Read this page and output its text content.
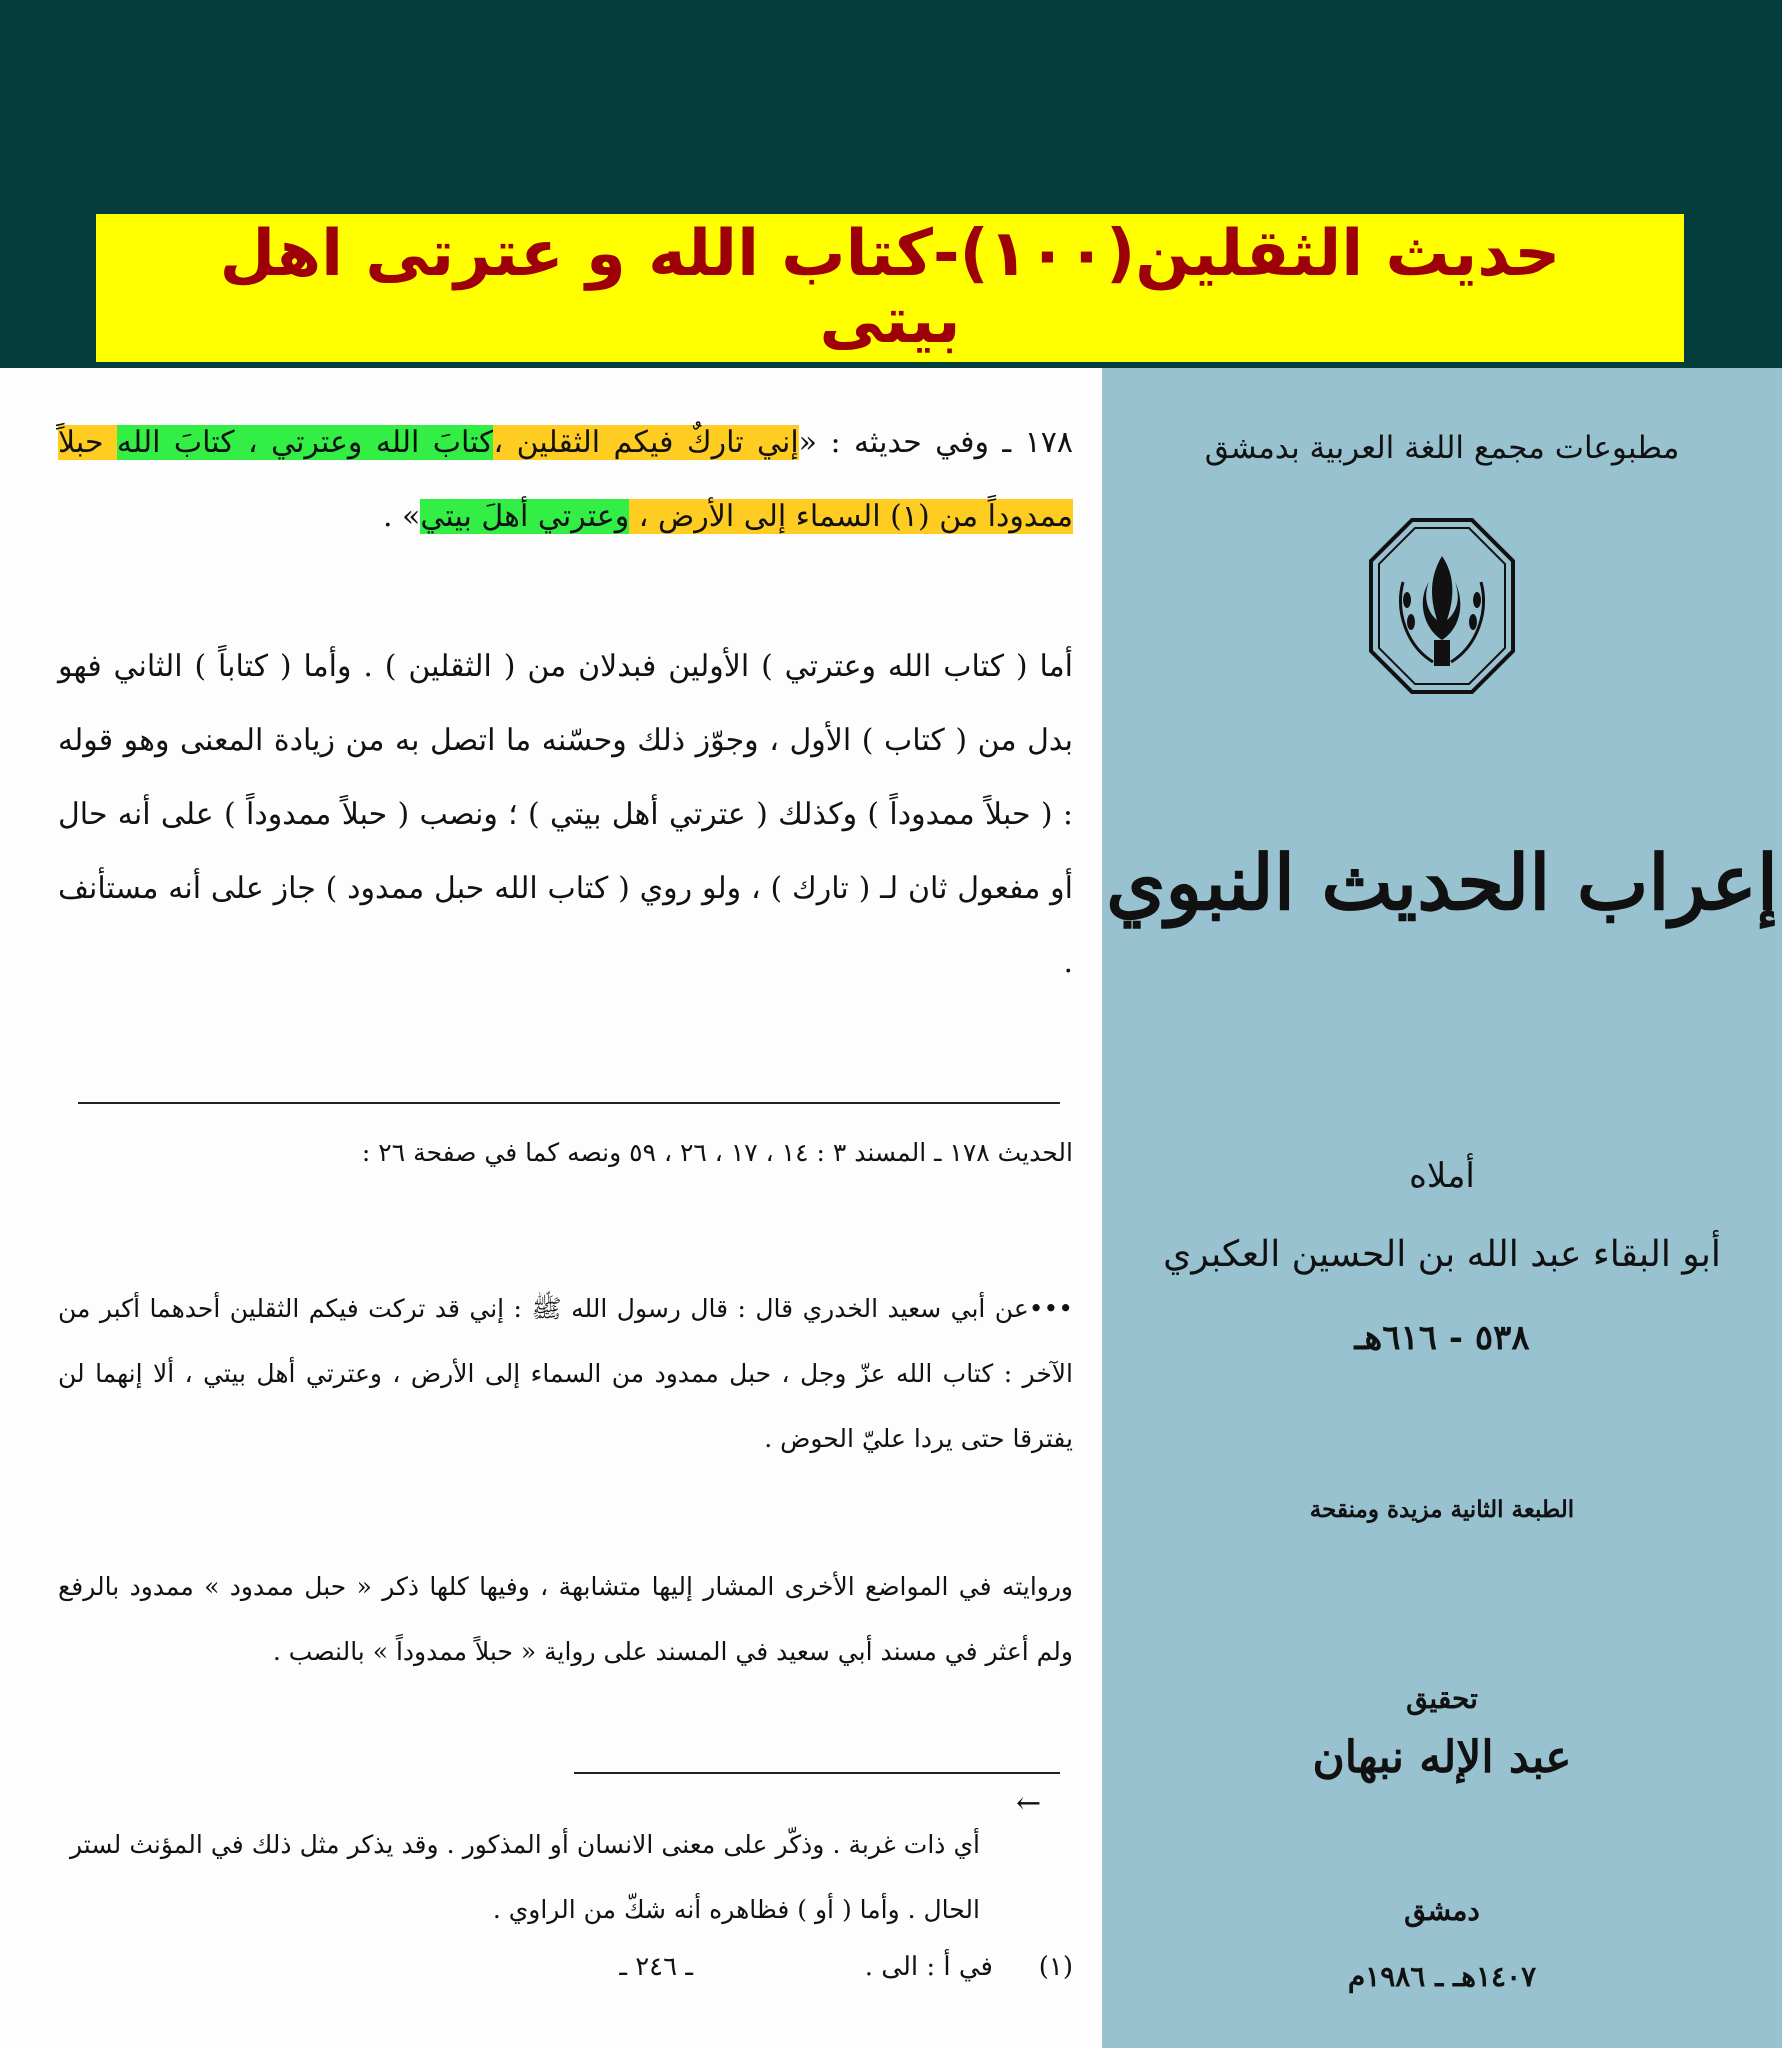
حديث الثقلين(١٠٠)-كتاب الله و عترتى اهل بيتى
١٧٨ ـ وفي حديثه : «إني تاركٌ فيكم الثقلين ،كتابَ الله وعترتي ، كتابَ الله حبلاً ممدوداً من (١) السماء إلى الأرض ، وعترتي أهلَ بيتي» .
أما ( كتاب الله وعترتي ) الأولين فبدلان من ( الثقلين ) . وأما ( كتاباً ) الثاني فهو بدل من ( كتاب ) الأول ، وجوّز ذلك وحسّنه ما اتصل به من زيادة المعنى وهو قوله : ( حبلاً ممدوداً ) وكذلك ( عترتي أهل بيتي ) ؛ ونصب ( حبلاً ممدوداً ) على أنه حال أو مفعول ثان لـ ( تارك ) ، ولو روي ( كتاب الله حبل ممدود ) جاز على أنه مستأنف .
الحديث ١٧٨ ـ المسند ٣ : ١٤ ، ١٧ ، ٢٦ ، ٥٩ ونصه كما في صفحة ٢٦ :
•••عن أبي سعيد الخدري قال : قال رسول الله ﷺ : إني قد تركت فيكم الثقلين أحدهما أكبر من الآخر : كتاب الله عزّ وجل ، حبل ممدود من السماء إلى الأرض ، وعترتي أهل بيتي ، ألا إنهما لن يفترقا حتى يردا عليّ الحوض .
وروايته في المواضع الأخرى المشار إليها متشابهة ، وفيها كلها ذكر « حبل ممدود » ممدود بالرفع ولم أعثر في مسند أبي سعيد في المسند على رواية « حبلاً ممدوداً » بالنصب .
←
أي ذات غربة . وذكّر على معنى الانسان أو المذكور . وقد يذكر مثل ذلك في المؤنث لستر الحال . وأما ( أو ) فظاهره أنه شكّ من الراوي .
(١)
في أ : الى .
ـ ٢٤٦ ـ
مطبوعات مجمع اللغة العربية بدمشق
إعراب الحديث النبوي
أملاه
أبو البقاء عبد الله بن الحسين العكبري
٥٣٨ - ٦١٦هـ
الطبعة الثانية مزيدة ومنقحة
تحقيق
عبد الإله نبهان
دمشق
١٤٠٧هـ ـ ١٩٨٦م
